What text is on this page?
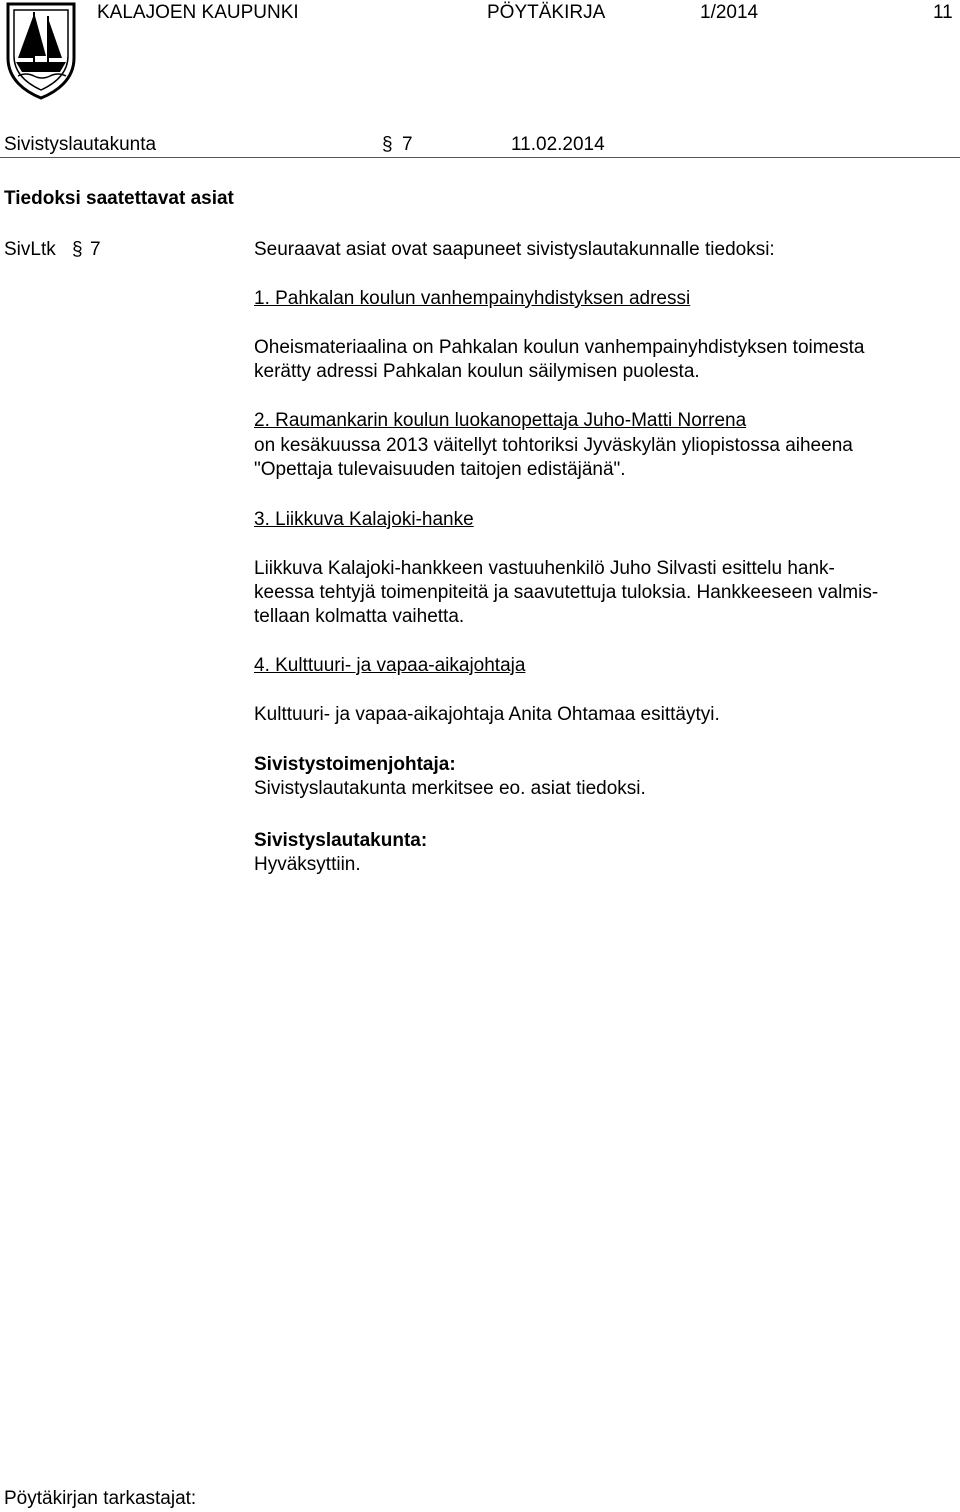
KALAJOEN KAUPUNKI	PÖYTÄKIRJA	1/2014	11
Sivistyslautakunta	§ 7	11.02.2014
Tiedoksi saatettavat asiat
SivLtk § 7	Seuraavat asiat ovat saapuneet sivistyslautakunnalle tiedoksi:
1. Pahkalan koulun vanhempainyhdistyksen adressi
Oheismateriaalina on Pahkalan koulun vanhempainyhdistyksen toimesta
kerätty adressi Pahkalan koulun säilymisen puolesta.
2. Raumankarin koulun luokanopettaja Juho-Matti Norrena
on kesäkuussa 2013 väitellyt tohtoriksi Jyväskylän yliopistossa aiheena
"Opettaja tulevaisuuden taitojen edistäjänä".
3. Liikkuva Kalajoki-hanke
Liikkuva Kalajoki-hankkeen vastuuhenkilö Juho Silvasti esittelu hank-
keessa tehtyjä toimenpiteitä ja saavutettuja tuloksia. Hankkeeseen valmis-
tellaan kolmatta vaihetta.
4. Kulttuuri- ja vapaa-aikajohtaja
Kulttuuri- ja vapaa-aikajohtaja Anita Ohtamaa esittäytyi.
Sivistystoimenjohtaja:
Sivistyslautakunta merkitsee eo. asiat tiedoksi.
Sivistyslautakunta:
Hyväksyttiin.
Pöytäkirjan tarkastajat:
